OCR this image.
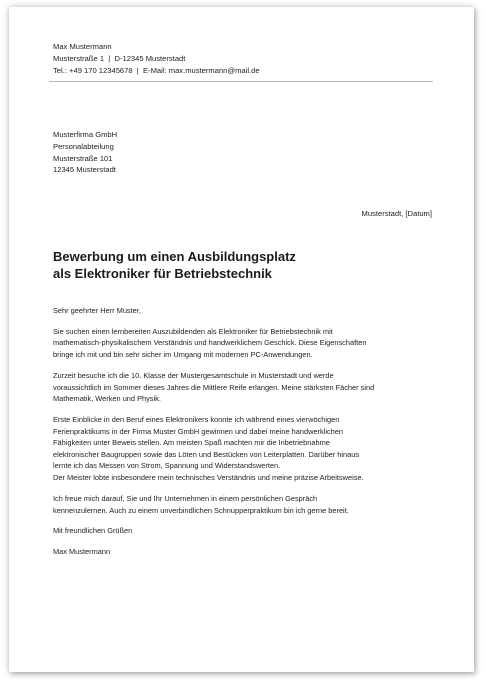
Max Mustermann
Musterstraße 1  |  D-12345 Musterstadt
Tel.: +49 170 12345678  |  E-Mail: max.mustermann@mail.de
Musterfirma GmbH
Personalabteilung
Musterstraße 101
12345 Musterstadt
Musterstadt, [Datum]
Bewerbung um einen Ausbildungsplatz
als Elektroniker für Betriebstechnik

Sehr geehrter Herr Muster,

Sie suchen einen lernbereiten Auszubildenden als Elektroniker für Betriebstechnik mit
mathematisch-physikalischem Verständnis und handwerklichem Geschick. Diese Eigenschaften
bringe ich mit und bin sehr sicher im Umgang mit modernen PC-Anwendungen.

Zurzeit besuche ich die 10. Klasse der Mustergesamtschule in Musterstadt und werde
voraussichtlich im Sommer dieses Jahres die Mittlere Reife erlangen. Meine stärksten Fächer sind
Mathematik, Werken und Physik.

Erste Einblicke in den Beruf eines Elektronikers konnte ich während eines vierwöchigen
Ferienpraktikums in der Firma Muster GmbH gewinnen und dabei meine handwerklichen
Fähigkeiten unter Beweis stellen. Am meisten Spaß machten mir die Inbetriebnahme
elektronischer Baugruppen sowie das Löten und Bestücken von Leiterplatten. Darüber hinaus
lernte ich das Messen von Strom, Spannung und Widerstandswerten.
Der Meister lobte insbesondere mein technisches Verständnis und meine präzise Arbeitsweise.

Ich freue mich darauf, Sie und Ihr Unternehmen in einem persönlichen Gespräch
kennenzulernen. Auch zu einem unverbindlichen Schnupperpraktikum bin ich gerne bereit.

Mit freundlichen Grüßen

Max Mustermann
